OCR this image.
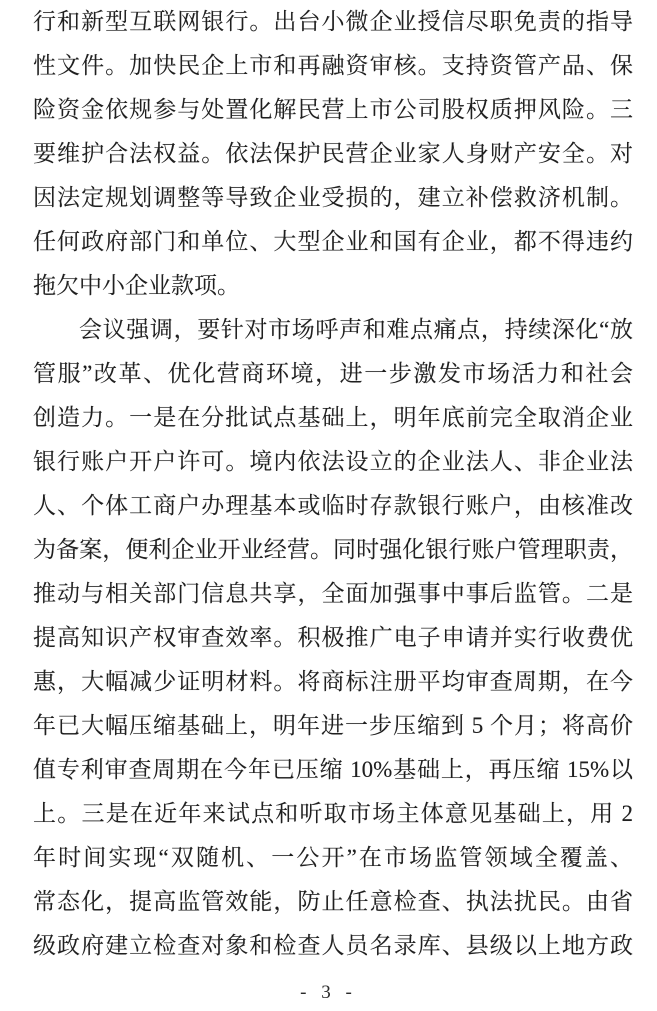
行和新型互联网银行。出台小微企业授信尽职免责的指导
性文件。加快民企上市和再融资审核。支持资管产品、保
险资金依规参与处置化解民营上市公司股权质押风险。三
要维护合法权益。依法保护民营企业家人身财产安全。对
因法定规划调整等导致企业受损的，建立补偿救济机制。
任何政府部门和单位、大型企业和国有企业，都不得违约
拖欠中小企业款项。
会议强调，要针对市场呼声和难点痛点，持续深化“放
管服”改革、优化营商环境，进一步激发市场活力和社会
创造力。一是在分批试点基础上，明年底前完全取消企业
银行账户开户许可。境内依法设立的企业法人、非企业法
人、个体工商户办理基本或临时存款银行账户，由核准改
为备案，便利企业开业经营。同时强化银行账户管理职责，
推动与相关部门信息共享，全面加强事中事后监管。二是
提高知识产权审查效率。积极推广电子申请并实行收费优
惠，大幅减少证明材料。将商标注册平均审查周期，在今
年已大幅压缩基础上，明年进一步压缩到 5 个月；将高价
值专利审查周期在今年已压缩 10%基础上，再压缩 15%以
上。三是在近年来试点和听取市场主体意见基础上，用 2
年时间实现“双随机、一公开”在市场监管领域全覆盖、
常态化，提高监管效能，防止任意检查、执法扰民。由省
级政府建立检查对象和检查人员名录库、县级以上地方政
- 3 -
